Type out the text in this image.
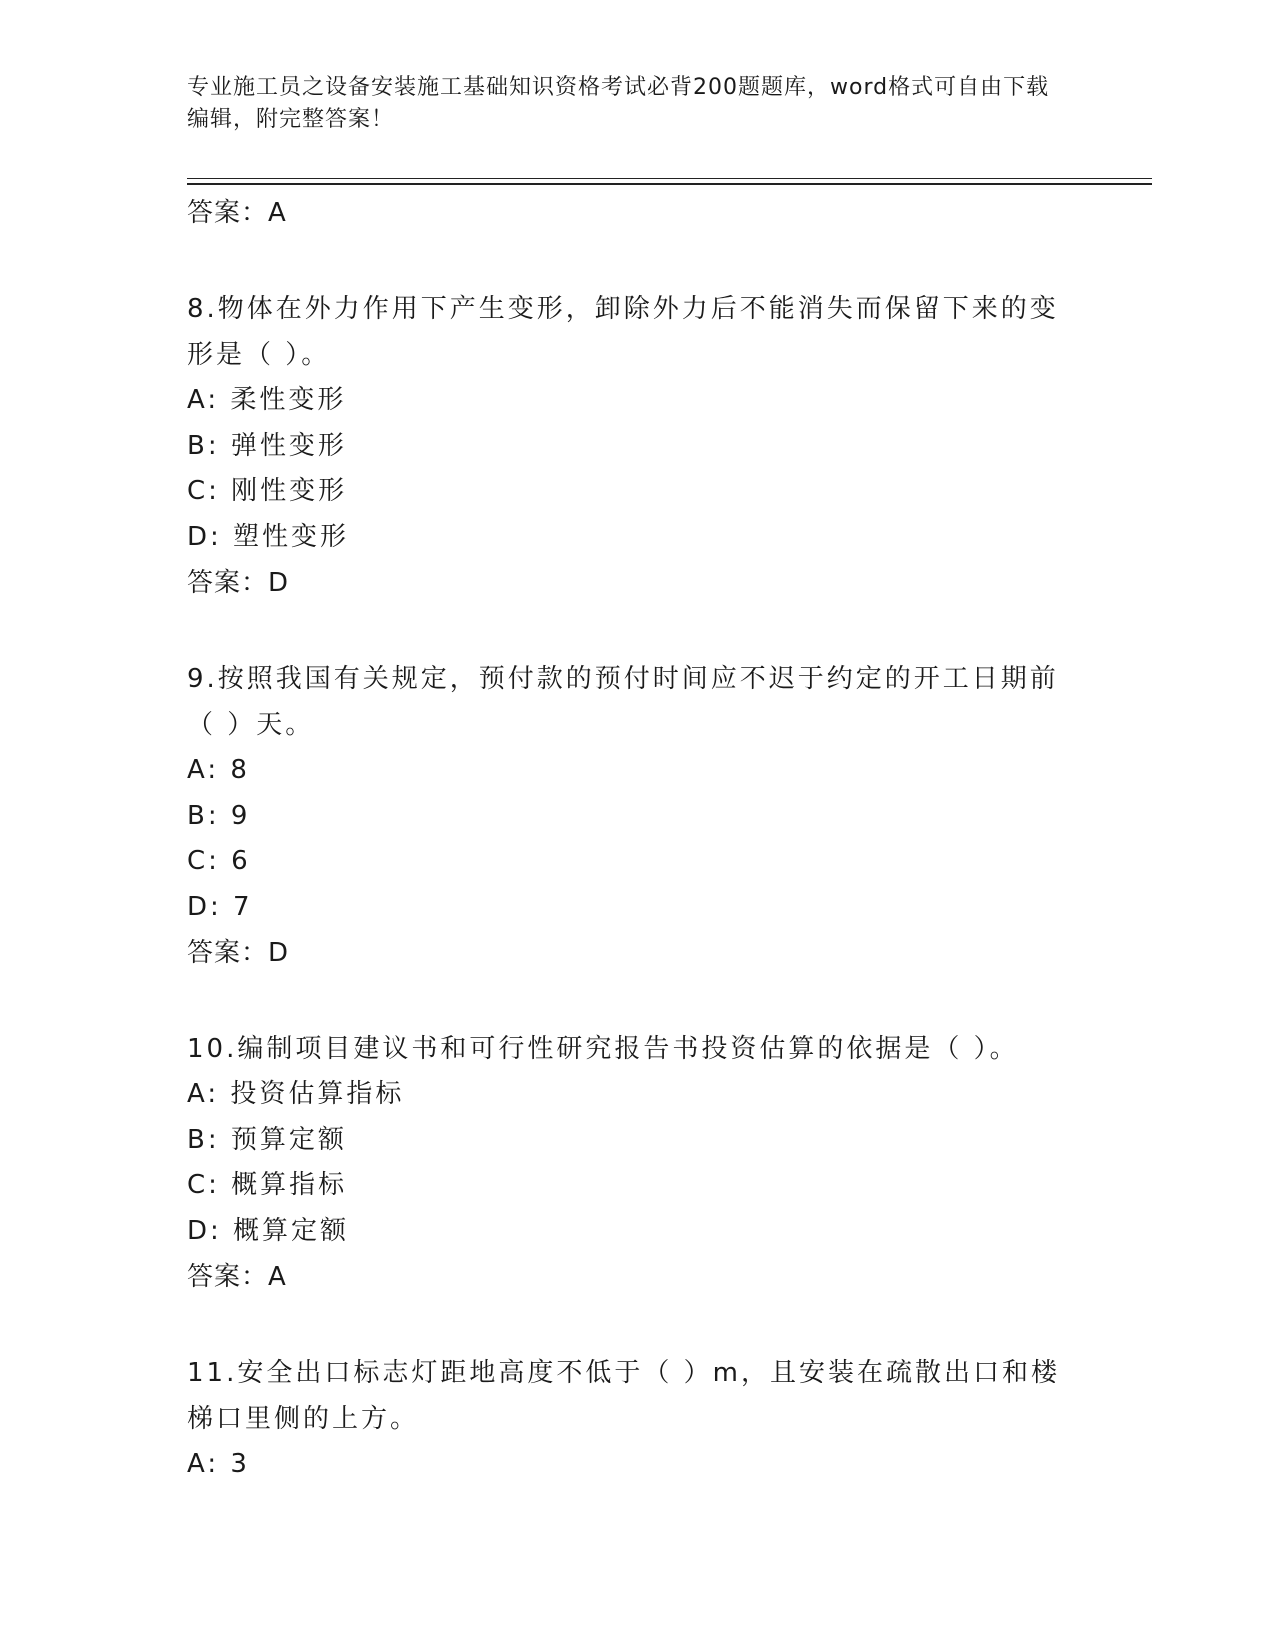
专业施工员之设备安装施工基础知识资格考试必背200题题库，word格式可自由下载编辑，附完整答案！
答案：A
8.物体在外力作用下产生变形，卸除外力后不能消失而保留下来的变形是（ ）。
A: 柔性变形
B: 弹性变形
C: 刚性变形
D: 塑性变形
答案：D
9.按照我国有关规定，预付款的预付时间应不迟于约定的开工日期前（ ）天。
A: 8
B: 9
C: 6
D: 7
答案：D
10.编制项目建议书和可行性研究报告书投资估算的依据是（ ）。
A: 投资估算指标
B: 预算定额
C: 概算指标
D: 概算定额
答案：A
11.安全出口标志灯距地高度不低于（ ）m，且安装在疏散出口和楼梯口里侧的上方。
A: 3
